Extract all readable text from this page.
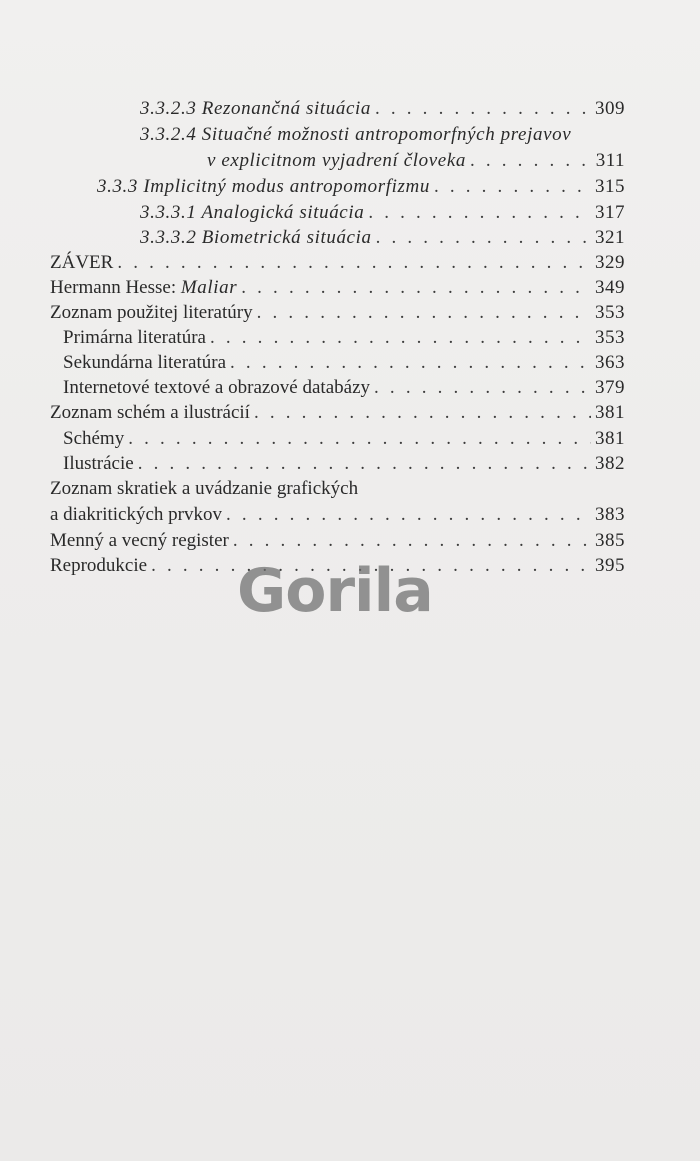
3.3.2.3 Rezonančná situácia . . .	309
3.3.2.4 Situačné možnosti antropomorfných prejavov
v explicitnom vyjadrení človeka . . .	311
3.3.3 Implicitný modus antropomorfizmu . . .	315
3.3.3.1 Analogická situácia . . .	317
3.3.3.2 Biometrická situácia . . .	321
ZÁVER . . .	329
Hermann Hesse: Maliar . . .	349
Zoznam použitej literatúry . . .	353
Primárna literatúra . . .	353
Sekundárna literatúra . . .	363
Internetové textové a obrazové databázy . . .	379
Zoznam schém a ilustrácií . . .	381
Schémy . . .	381
Ilustrácie . . .	382
Zoznam skratiek a uvádzanie grafických
a diakritických prvkov . . .	383
Menný a vecný register . . .	385
Reprodukcie . . .	395
Gorila
